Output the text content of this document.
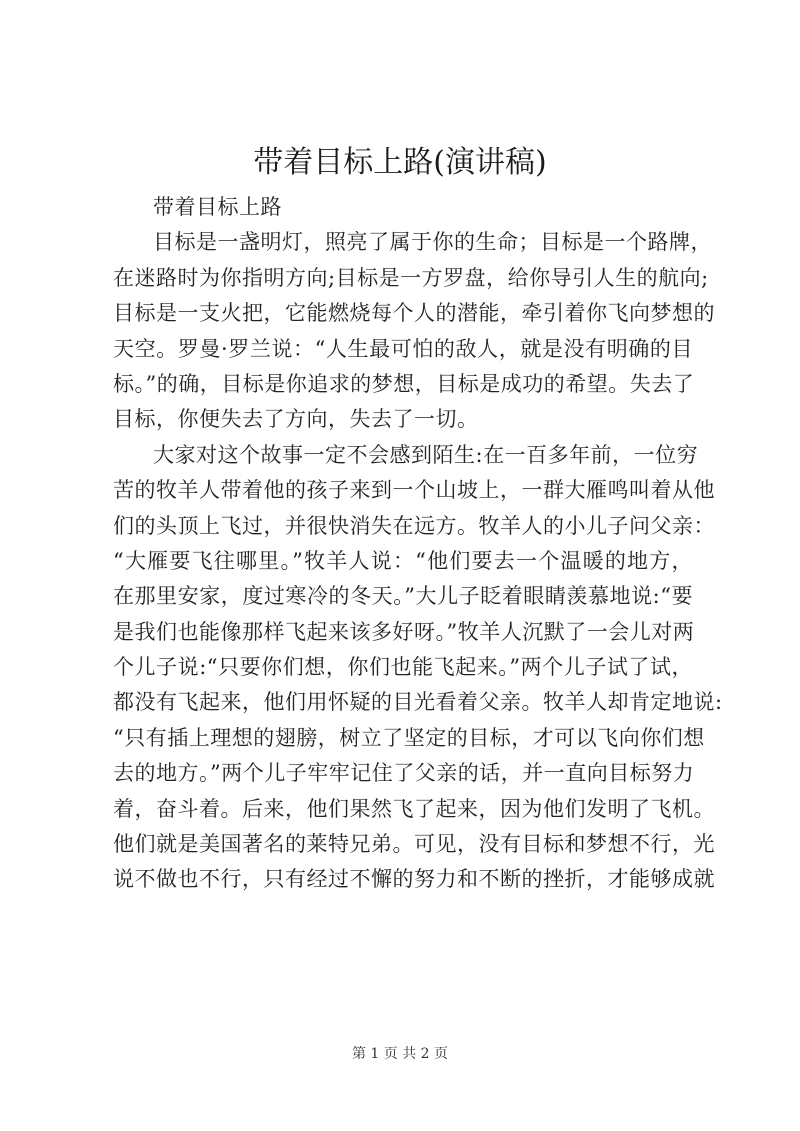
带着目标上路(演讲稿)
带着目标上路
目标是一盏明灯，照亮了属于你的生命；目标是一个路牌，
在迷路时为你指明方向;目标是一方罗盘，给你导引人生的航向;
目标是一支火把，它能燃烧每个人的潜能，牵引着你飞向梦想的
天空。罗曼·罗兰说：“人生最可怕的敌人，就是没有明确的目
标。”的确，目标是你追求的梦想，目标是成功的希望。失去了
目标，你便失去了方向，失去了一切。
大家对这个故事一定不会感到陌生:在一百多年前，一位穷
苦的牧羊人带着他的孩子来到一个山坡上，一群大雁鸣叫着从他
们的头顶上飞过，并很快消失在远方。牧羊人的小儿子问父亲：
“大雁要飞往哪里。”牧羊人说：“他们要去一个温暖的地方，
在那里安家，度过寒冷的冬天。”大儿子眨着眼睛羡慕地说:“要
是我们也能像那样飞起来该多好呀。”牧羊人沉默了一会儿对两
个儿子说:“只要你们想，你们也能飞起来。”两个儿子试了试，
都没有飞起来，他们用怀疑的目光看着父亲。牧羊人却肯定地说:
“只有插上理想的翅膀，树立了坚定的目标，才可以飞向你们想
去的地方。”两个儿子牢牢记住了父亲的话，并一直向目标努力
着，奋斗着。后来，他们果然飞了起来，因为他们发明了飞机。
他们就是美国著名的莱特兄弟。可见，没有目标和梦想不行，光
说不做也不行，只有经过不懈的努力和不断的挫折，才能够成就
第 1 页 共 2 页
